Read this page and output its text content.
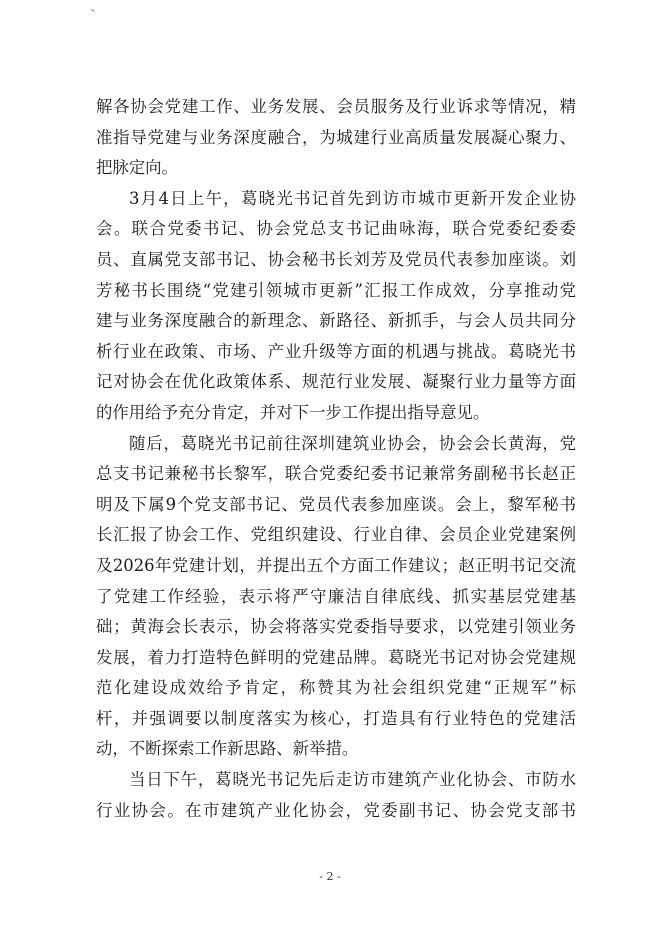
、
解各协会党建工作、业务发展、会员服务及行业诉求等情况，精
准指导党建与业务深度融合，为城建行业高质量发展凝心聚力、
把脉定向。
3月4日上午，葛晓光书记首先到访市城市更新开发企业协
会。联合党委书记、协会党总支书记曲咏海，联合党委纪委委
员、直属党支部书记、协会秘书长刘芳及党员代表参加座谈。刘
芳秘书长围绕“党建引领城市更新”汇报工作成效，分享推动党
建与业务深度融合的新理念、新路径、新抓手，与会人员共同分
析行业在政策、市场、产业升级等方面的机遇与挑战。葛晓光书
记对协会在优化政策体系、规范行业发展、凝聚行业力量等方面
的作用给予充分肯定，并对下一步工作提出指导意见。
随后，葛晓光书记前往深圳建筑业协会，协会会长黄海，党
总支书记兼秘书长黎军，联合党委纪委书记兼常务副秘书长赵正
明及下属9个党支部书记、党员代表参加座谈。会上，黎军秘书
长汇报了协会工作、党组织建设、行业自律、会员企业党建案例
及2026年党建计划，并提出五个方面工作建议；赵正明书记交流
了党建工作经验，表示将严守廉洁自律底线、抓实基层党建基
础；黄海会长表示，协会将落实党委指导要求，以党建引领业务
发展，着力打造特色鲜明的党建品牌。葛晓光书记对协会党建规
范化建设成效给予肯定，称赞其为社会组织党建“正规军”标
杆，并强调要以制度落实为核心，打造具有行业特色的党建活
动，不断探索工作新思路、新举措。
当日下午，葛晓光书记先后走访市建筑产业化协会、市防水
行业协会。在市建筑产业化协会，党委副书记、协会党支部书
- 2 -
